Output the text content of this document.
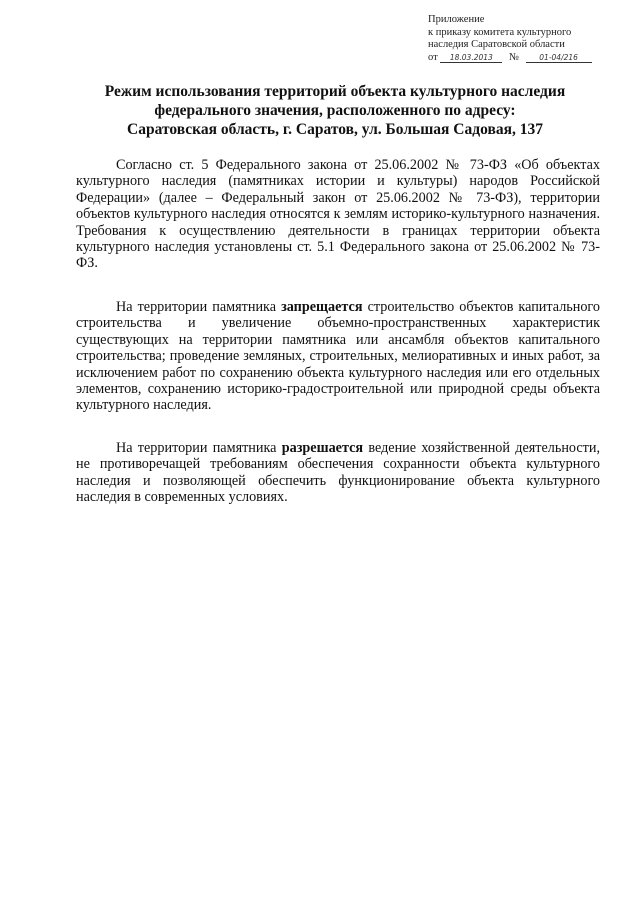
Приложение
к приказу комитета культурного
наследия Саратовской области
от 18.03.2013 №	01-04/216
Режим использования территорий объекта культурного наследия
федерального значения, расположенного по адресу:
Саратовская область, г. Саратов, ул. Большая Садовая, 137

Согласно ст. 5 Федерального закона от 25.06.2002 № 73-ФЗ «Об объектах культурного наследия (памятниках истории и культуры) народов Российской Федерации» (далее – Федеральный закон от 25.06.2002 № 73-ФЗ), территории объектов культурного наследия относятся к землям историко-культурного назначения. Требования к осуществлению деятельности в границах территории объекта культурного наследия установлены ст. 5.1 Федерального закона от 25.06.2002 № 73-ФЗ.

На территории памятника запрещается строительство объектов капитального строительства и увеличение объемно-пространственных характеристик существующих на территории памятника или ансамбля объектов капитального строительства; проведение земляных, строительных, мелиоративных и иных работ, за исключением работ по сохранению объекта культурного наследия или его отдельных элементов, сохранению историко-градостроительной или природной среды объекта культурного наследия.

На территории памятника разрешается ведение хозяйственной деятельности, не противоречащей требованиям обеспечения сохранности объекта культурного наследия и позволяющей обеспечить функционирование объекта культурного наследия в современных условиях.
